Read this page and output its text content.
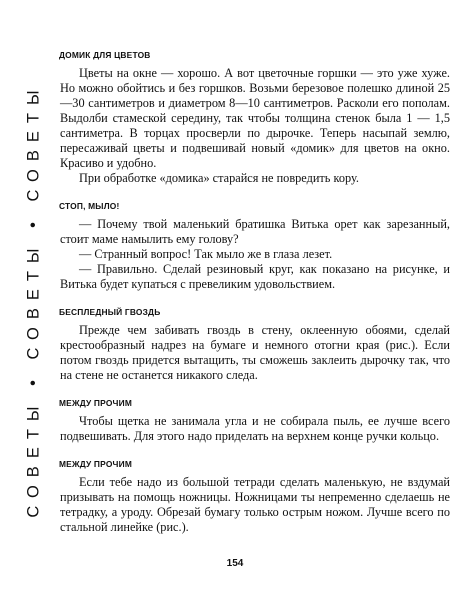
СОВЕТЫ • СОВЕТЫ • СОВЕТЫ
ДОМИК ДЛЯ ЦВЕТОВ

Цветы на окне — хорошо. А вот цветочные горшки — это уже хуже. Но можно обойтись и без горшков. Возьми березовое полешко длиной 25—30 сантиметров и диаметром 8—10 сантиметров. Расколи его пополам. Выдолби стамеской середину, так чтобы толщина стенок была 1 — 1,5 сантиметра. В торцах просверли по дырочке. Теперь насыпай землю, пересаживай цветы и подвешивай новый «домик» для цветов на окно. Красиво и удобно.

При обработке «домика» старайся не повредить кору.

СТОП, МЫЛО!

— Почему твой маленький братишка Витька орет как зарезанный, стоит маме намылить ему голову?

— Странный вопрос! Так мыло же в глаза лезет.

— Правильно. Сделай резиновый круг, как показано на рисунке, и Витька будет купаться с превеликим удовольствием.

БЕСПЛЕДНЫЙ ГВОЗДЬ

Прежде чем забивать гвоздь в стену, оклеенную обоями, сделай крестообразный надрез на бумаге и немного отогни края (рис.). Если потом гвоздь придется вытащить, ты сможешь заклеить дырочку так, что на стене не останется никакого следа.

МЕЖДУ ПРОЧИМ

Чтобы щетка не занимала угла и не собирала пыль, ее лучше всего подвешивать. Для этого надо приделать на верхнем конце ручки кольцо.

МЕЖДУ ПРОЧИМ

Если тебе надо из большой тетради сделать маленькую, не вздумай призывать на помощь ножницы. Ножницами ты непременно сделаешь не тетрадку, а уроду. Обрезай бумагу только острым ножом. Лучше всего по стальной линейке (рис.).

154
